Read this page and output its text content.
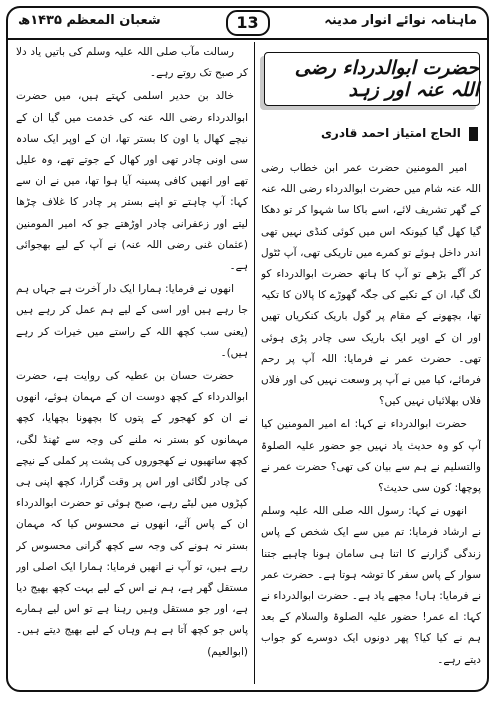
ماہنامہ نوائے انوار مدینہ
13
شعبان المعظم ۱۴۳۵ھ

رسالت مآب صلی اللہ علیہ وسلم کی باتیں یاد دلا کر صبح تک روتے رہے۔

خالد بن حدیر اسلمی کہتے ہیں، میں حضرت ابوالدرداء رضی اللہ عنہ کی خدمت میں گیا ان کے نیچے کھال یا اون کا بستر تھا، ان کے اوپر ایک سادہ سی اونی چادر تھی اور کھال کے جوتے تھے، وہ علیل تھے اور انھیں کافی پسینہ آیا ہوا تھا، میں نے ان سے کہا: آپ چاہتے تو اپنے بستر پر چادر کا غلاف چڑھا لیتے اور زعفرانی چادر اوڑھتے جو کہ امیر المومنین (عثمان غنی رضی اللہ عنہ) نے آپ کے لیے بھجوائی ہے۔

انھوں نے فرمایا: ہمارا ایک دار آخرت ہے جہاں ہم جا رہے ہیں اور اسی کے لیے ہم عمل کر رہے ہیں (یعنی سب کچھ اللہ کے راستے میں خیرات کر رہے ہیں)۔

حضرت حسان بن عطیہ کی روایت ہے، حضرت ابوالدرداء کے کچھ دوست ان کے مہمان ہوئے، انھوں نے ان کو کھجور کے پتوں کا بچھونا بچھایا، کچھ مہمانوں کو بستر نہ ملنے کی وجہ سے ٹھنڈ لگی، کچھ ساتھیوں نے کھجوروں کی پشت پر کملی کے نیچے کی چادر لگائی اور اس پر وقت گزارا، کچھ اپنی ہی کپڑوں میں لیٹے رہے، صبح ہوئی تو حضرت ابوالدرداء ان کے پاس آئے، انھوں نے محسوس کیا کہ مہمان بستر نہ ہونے کی وجہ سے کچھ گرانی محسوس کر رہے ہیں، تو آپ نے انھیں فرمایا: ہمارا ایک اصلی اور مستقل گھر ہے، ہم نے اس کے لیے بہت کچھ بھیج دیا ہے، اور جو مستقل وہیں رہنا ہے تو اس لیے ہمارے پاس جو کچھ آتا ہے ہم وہاں کے لیے بھیج دیتے ہیں۔ (ابوالعیم)

حضرت ابوالدرداء رضی اللہ عنہ اور زہد
الحاج امتیاز احمد قادری

امیر المومنین حضرت عمر ابن خطاب رضی اللہ عنہ شام میں حضرت ابوالدرداء رضی اللہ عنہ کے گھر تشریف لائے، اسے باکا سا شہوا کر تو دھکا گیا کھل گیا کیونکہ اس میں کوئی کنڈی نہیں تھی اندر داخل ہوئے تو کمرے میں تاریکی تھی، آپ ٹٹول کر آگے بڑھے تو آپ کا ہاتھ حضرت ابوالدرداء کو لگ گیا، ان کے تکیے کی جگہ گھوڑے کا پالان کا تکیہ تھا، بچھونے کے مقام پر گول باریک کنکریاں تھیں اور ان کے اوپر ایک باریک سی چادر پڑی ہوئی تھی۔ حضرت عمر نے فرمایا: اللہ آپ پر رحم فرمائے، کیا میں نے آپ پر وسعت نہیں کی اور فلاں فلاں بھلائیاں نہیں کیں؟

حضرت ابوالدرداء نے کہا: اے امیر المومنین کیا آپ کو وہ حدیث یاد نہیں جو حضور علیہ الصلوۃ والتسلیم نے ہم سے بیان کی تھی؟ حضرت عمر نے پوچھا: کون سی حدیث؟

انھوں نے کہا: رسول اللہ صلی اللہ علیہ وسلم نے ارشاد فرمایا: تم میں سے ایک شخص کے پاس زندگی گزارنے کا اتنا ہی سامان ہونا چاہیے جتنا سوار کے پاس سفر کا توشہ ہوتا ہے۔ حضرت عمر نے فرمایا: ہاں! مجھے یاد ہے۔ حضرت ابوالدرداء نے کہا: اے عمر! حضور علیہ الصلوۃ والسلام کے بعد ہم نے کیا کیا؟ پھر دونوں ایک دوسرے کو جواب دیتے رہے۔
